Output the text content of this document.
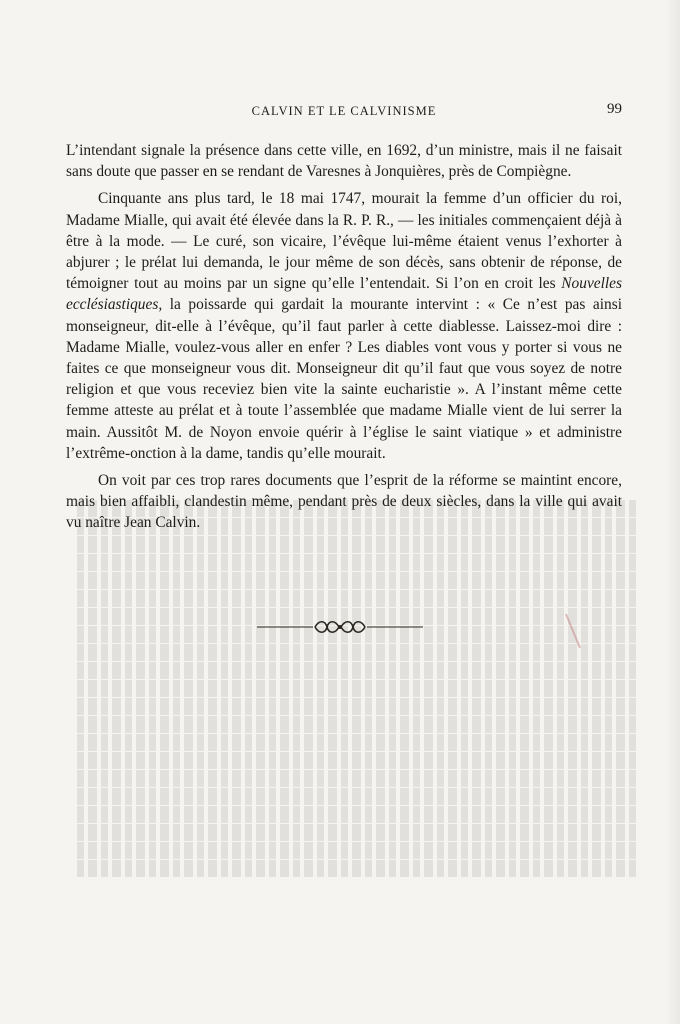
CALVIN ET LE CALVINISME	99

L’intendant signale la présence dans cette ville, en 1692, d’un ministre, mais il ne faisait sans doute que passer en se rendant de Varesnes à Jonquières, près de Compiègne.

Cinquante ans plus tard, le 18 mai 1747, mourait la femme d’un officier du roi, Madame Mialle, qui avait été élevée dans la R. P. R., — les initiales commençaient déjà à être à la mode. — Le curé, son vicaire, l’évêque lui-même étaient venus l’exhorter à abjurer ; le prélat lui demanda, le jour même de son décès, sans obtenir de réponse, de témoigner tout au moins par un signe qu’elle l’entendait. Si l’on en croit les Nouvelles ecclésiastiques, la poissarde qui gardait la mourante intervint : « Ce n’est pas ainsi monseigneur, dit-elle à l’évêque, qu’il faut parler à cette diablesse. Laissez-moi dire : Madame Mialle, voulez-vous aller en enfer ? Les diables vont vous y porter si vous ne faites ce que monseigneur vous dit. Monseigneur dit qu’il faut que vous soyez de notre religion et que vous receviez bien vite la sainte eucharistie ». A l’instant même cette femme atteste au prélat et à toute l’assemblée que madame Mialle vient de lui serrer la main. Aussitôt M. de Noyon envoie quérir à l’église le saint viatique » et administre l’extrême-onction à la dame, tandis qu’elle mourait.

On voit par ces trop rares documents que l’esprit de la réforme se maintint encore, mais bien affaibli, clandestin même, pendant près de deux siècles, dans la ville qui avait vu naître Jean Calvin.
